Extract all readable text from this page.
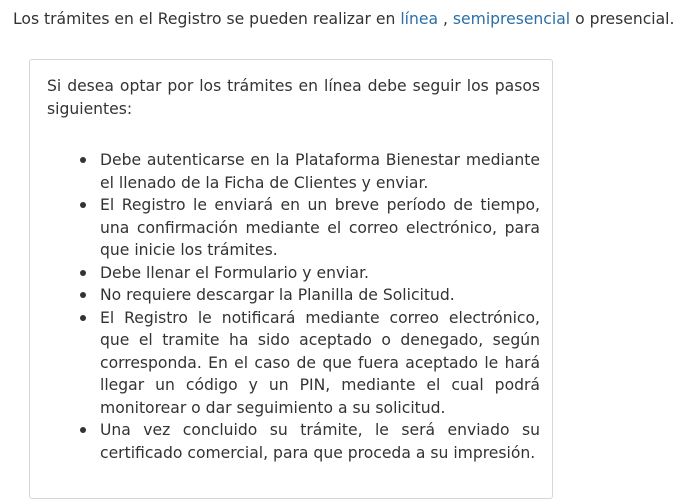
Los trámites en el Registro se pueden realizar en línea , semipresencial o presencial.

Si desea optar por los trámites en línea debe seguir los pasos siguientes:

Debe autenticarse en la Plataforma Bienestar mediante el llenado de la Ficha de Clientes y enviar.
El Registro le enviará en un breve período de tiempo, una confirmación mediante el correo electrónico, para que inicie los trámites.
Debe llenar el Formulario y enviar.
No requiere descargar la Planilla de Solicitud.
El Registro le notificará mediante correo electrónico, que el tramite ha sido aceptado o denegado, según corresponda. En el caso de que fuera aceptado le hará llegar un código y un PIN, mediante el cual podrá monitorear o dar seguimiento a su solicitud.
Una vez concluido su trámite, le será enviado su certificado comercial, para que proceda a su impresión.
